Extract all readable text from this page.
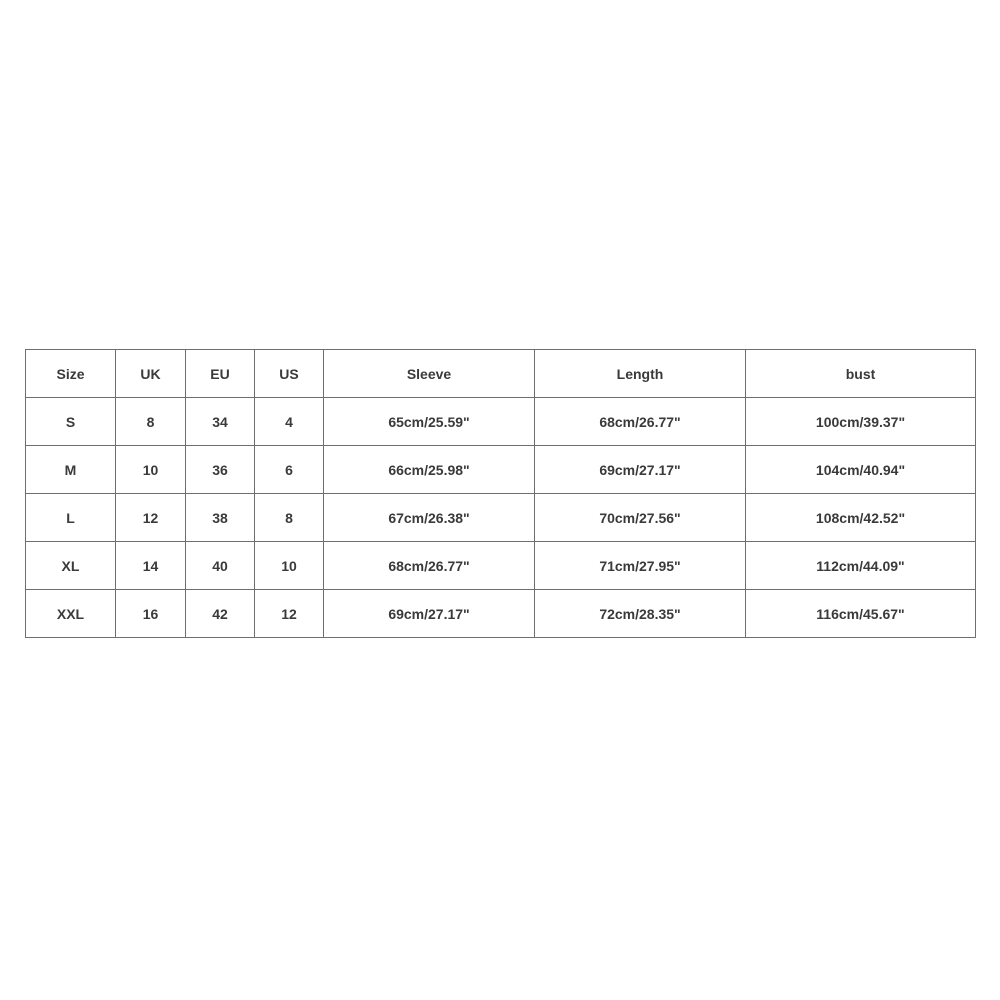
Size	UK	EU	US	Sleeve	Length	bust
S	8	34	4	65cm/25.59"	68cm/26.77"	100cm/39.37"
M	10	36	6	66cm/25.98"	69cm/27.17"	104cm/40.94"
L	12	38	8	67cm/26.38"	70cm/27.56"	108cm/42.52"
XL	14	40	10	68cm/26.77"	71cm/27.95"	112cm/44.09"
XXL	16	42	12	69cm/27.17"	72cm/28.35"	116cm/45.67"
